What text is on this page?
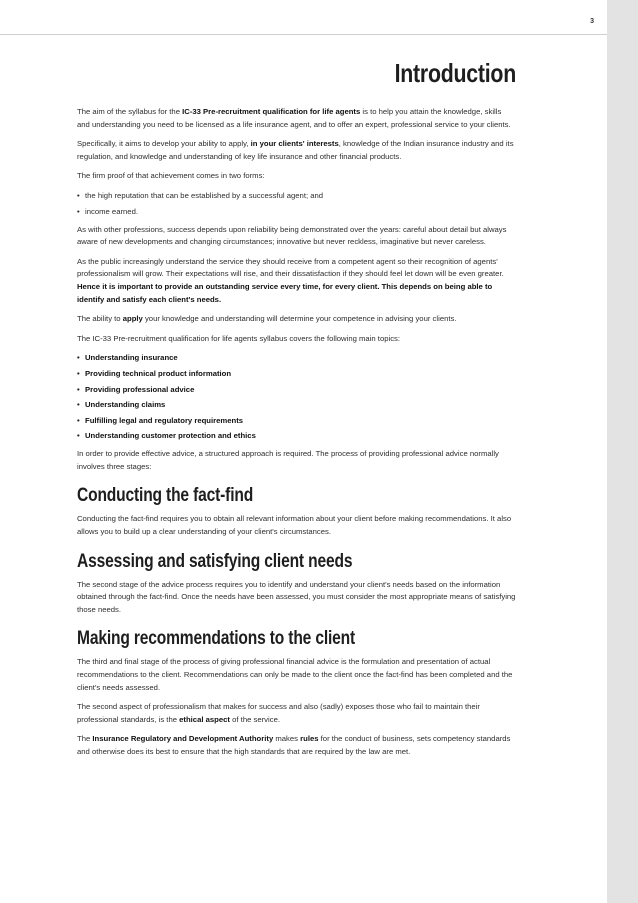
3
Introduction

The aim of the syllabus for the IC-33 Pre-recruitment qualification for life agents is to help you attain the knowledge, skills and understanding you need to be licensed as a life insurance agent, and to offer an expert, professional service to your clients.

Specifically, it aims to develop your ability to apply, in your clients' interests, knowledge of the Indian insurance industry and its regulation, and knowledge and understanding of key life insurance and other financial products.

The firm proof of that achievement comes in two forms:

• the high reputation that can be established by a successful agent; and
• income earned.

As with other professions, success depends upon reliability being demonstrated over the years: careful about detail but always aware of new developments and changing circumstances; innovative but never reckless, imaginative but never careless.

As the public increasingly understand the service they should receive from a competent agent so their recognition of agents' professionalism will grow. Their expectations will rise, and their dissatisfaction if they should feel let down will be even greater. Hence it is important to provide an outstanding service every time, for every client. This depends on being able to identify and satisfy each client's needs.

The ability to apply your knowledge and understanding will determine your competence in advising your clients.

The IC-33 Pre-recruitment qualification for life agents syllabus covers the following main topics:

• Understanding insurance
• Providing technical product information
• Providing professional advice
• Understanding claims
• Fulfilling legal and regulatory requirements
• Understanding customer protection and ethics

In order to provide effective advice, a structured approach is required. The process of providing professional advice normally involves three stages:

Conducting the fact-find

Conducting the fact-find requires you to obtain all relevant information about your client before making recommendations. It also allows you to build up a clear understanding of your client's circumstances.

Assessing and satisfying client needs

The second stage of the advice process requires you to identify and understand your client's needs based on the information obtained through the fact-find. Once the needs have been assessed, you must consider the most appropriate means of satisfying those needs.

Making recommendations to the client

The third and final stage of the process of giving professional financial advice is the formulation and presentation of actual recommendations to the client. Recommendations can only be made to the client once the fact-find has been completed and the client's needs assessed.

The second aspect of professionalism that makes for success and also (sadly) exposes those who fail to maintain their professional standards, is the ethical aspect of the service.

The Insurance Regulatory and Development Authority makes rules for the conduct of business, sets competency standards and otherwise does its best to ensure that the high standards that are required by the law are met.
